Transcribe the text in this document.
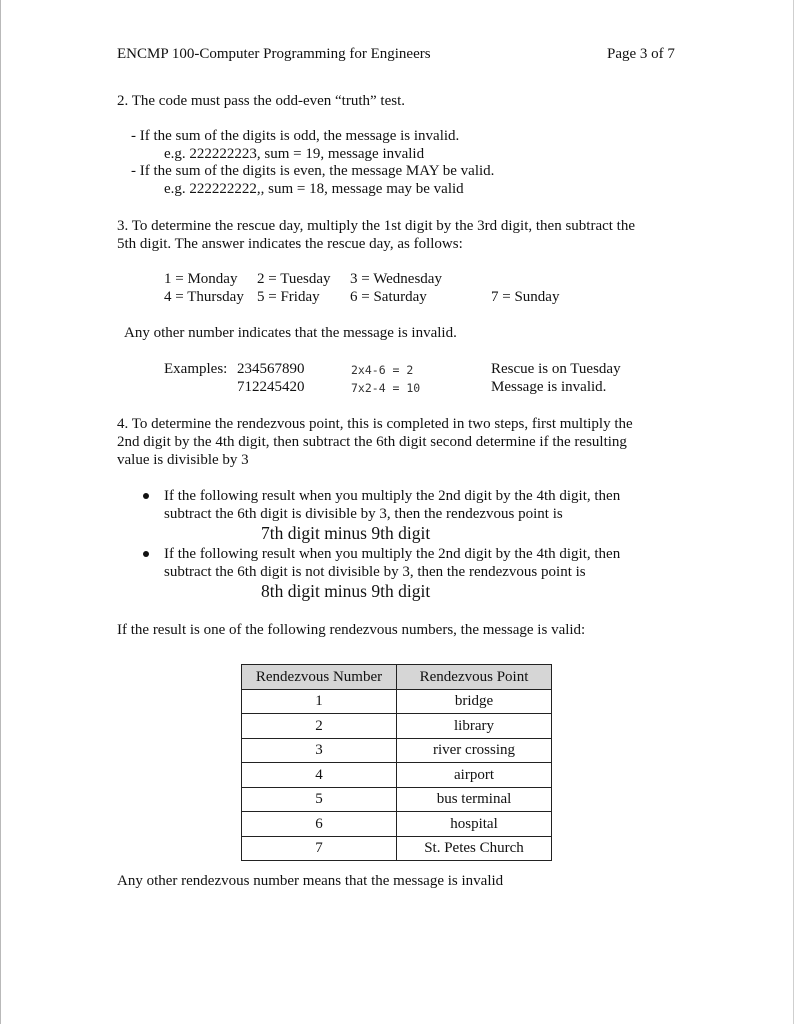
ENCMP 100-Computer Programming for Engineers	Page 3 of 7
2. The code must pass the odd-even “truth” test.
- If the sum of the digits is odd, the message is invalid.
e.g. 222222223, sum = 19, message invalid
- If the sum of the digits is even, the message MAY be valid.
e.g. 222222222,, sum = 18, message may be valid
3. To determine the rescue day, multiply the 1st digit by the 3rd digit, then subtract the
5th digit. The answer indicates the rescue day, as follows:
1 = Monday 2 = Tuesday 3 = Wednesday
4 = Thursday 5 = Friday 6 = Saturday	7 = Sunday
Any other number indicates that the message is invalid.
Examples: 234567890	2x4-6 = 2	Rescue is on Tuesday
712245420	7x2-4 = 10	Message is invalid.
4. To determine the rendezvous point, this is completed in two steps, first multiply the
2nd digit by the 4th digit, then subtract the 6th digit second determine if the resulting
value is divisible by 3
If the following result when you multiply the 2nd digit by the 4th digit, then
subtract the 6th digit is divisible by 3, then the rendezvous point is
7th digit minus 9th digit
If the following result when you multiply the 2nd digit by the 4th digit, then
subtract the 6th digit is not divisible by 3, then the rendezvous point is
8th digit minus 9th digit
If the result is one of the following rendezvous numbers, the message is valid:
Rendezvous Number	Rendezvous Point
1	bridge
2	library
3	river crossing
4	airport
5	bus terminal
6	hospital
7	St. Petes Church
Any other rendezvous number means that the message is invalid
